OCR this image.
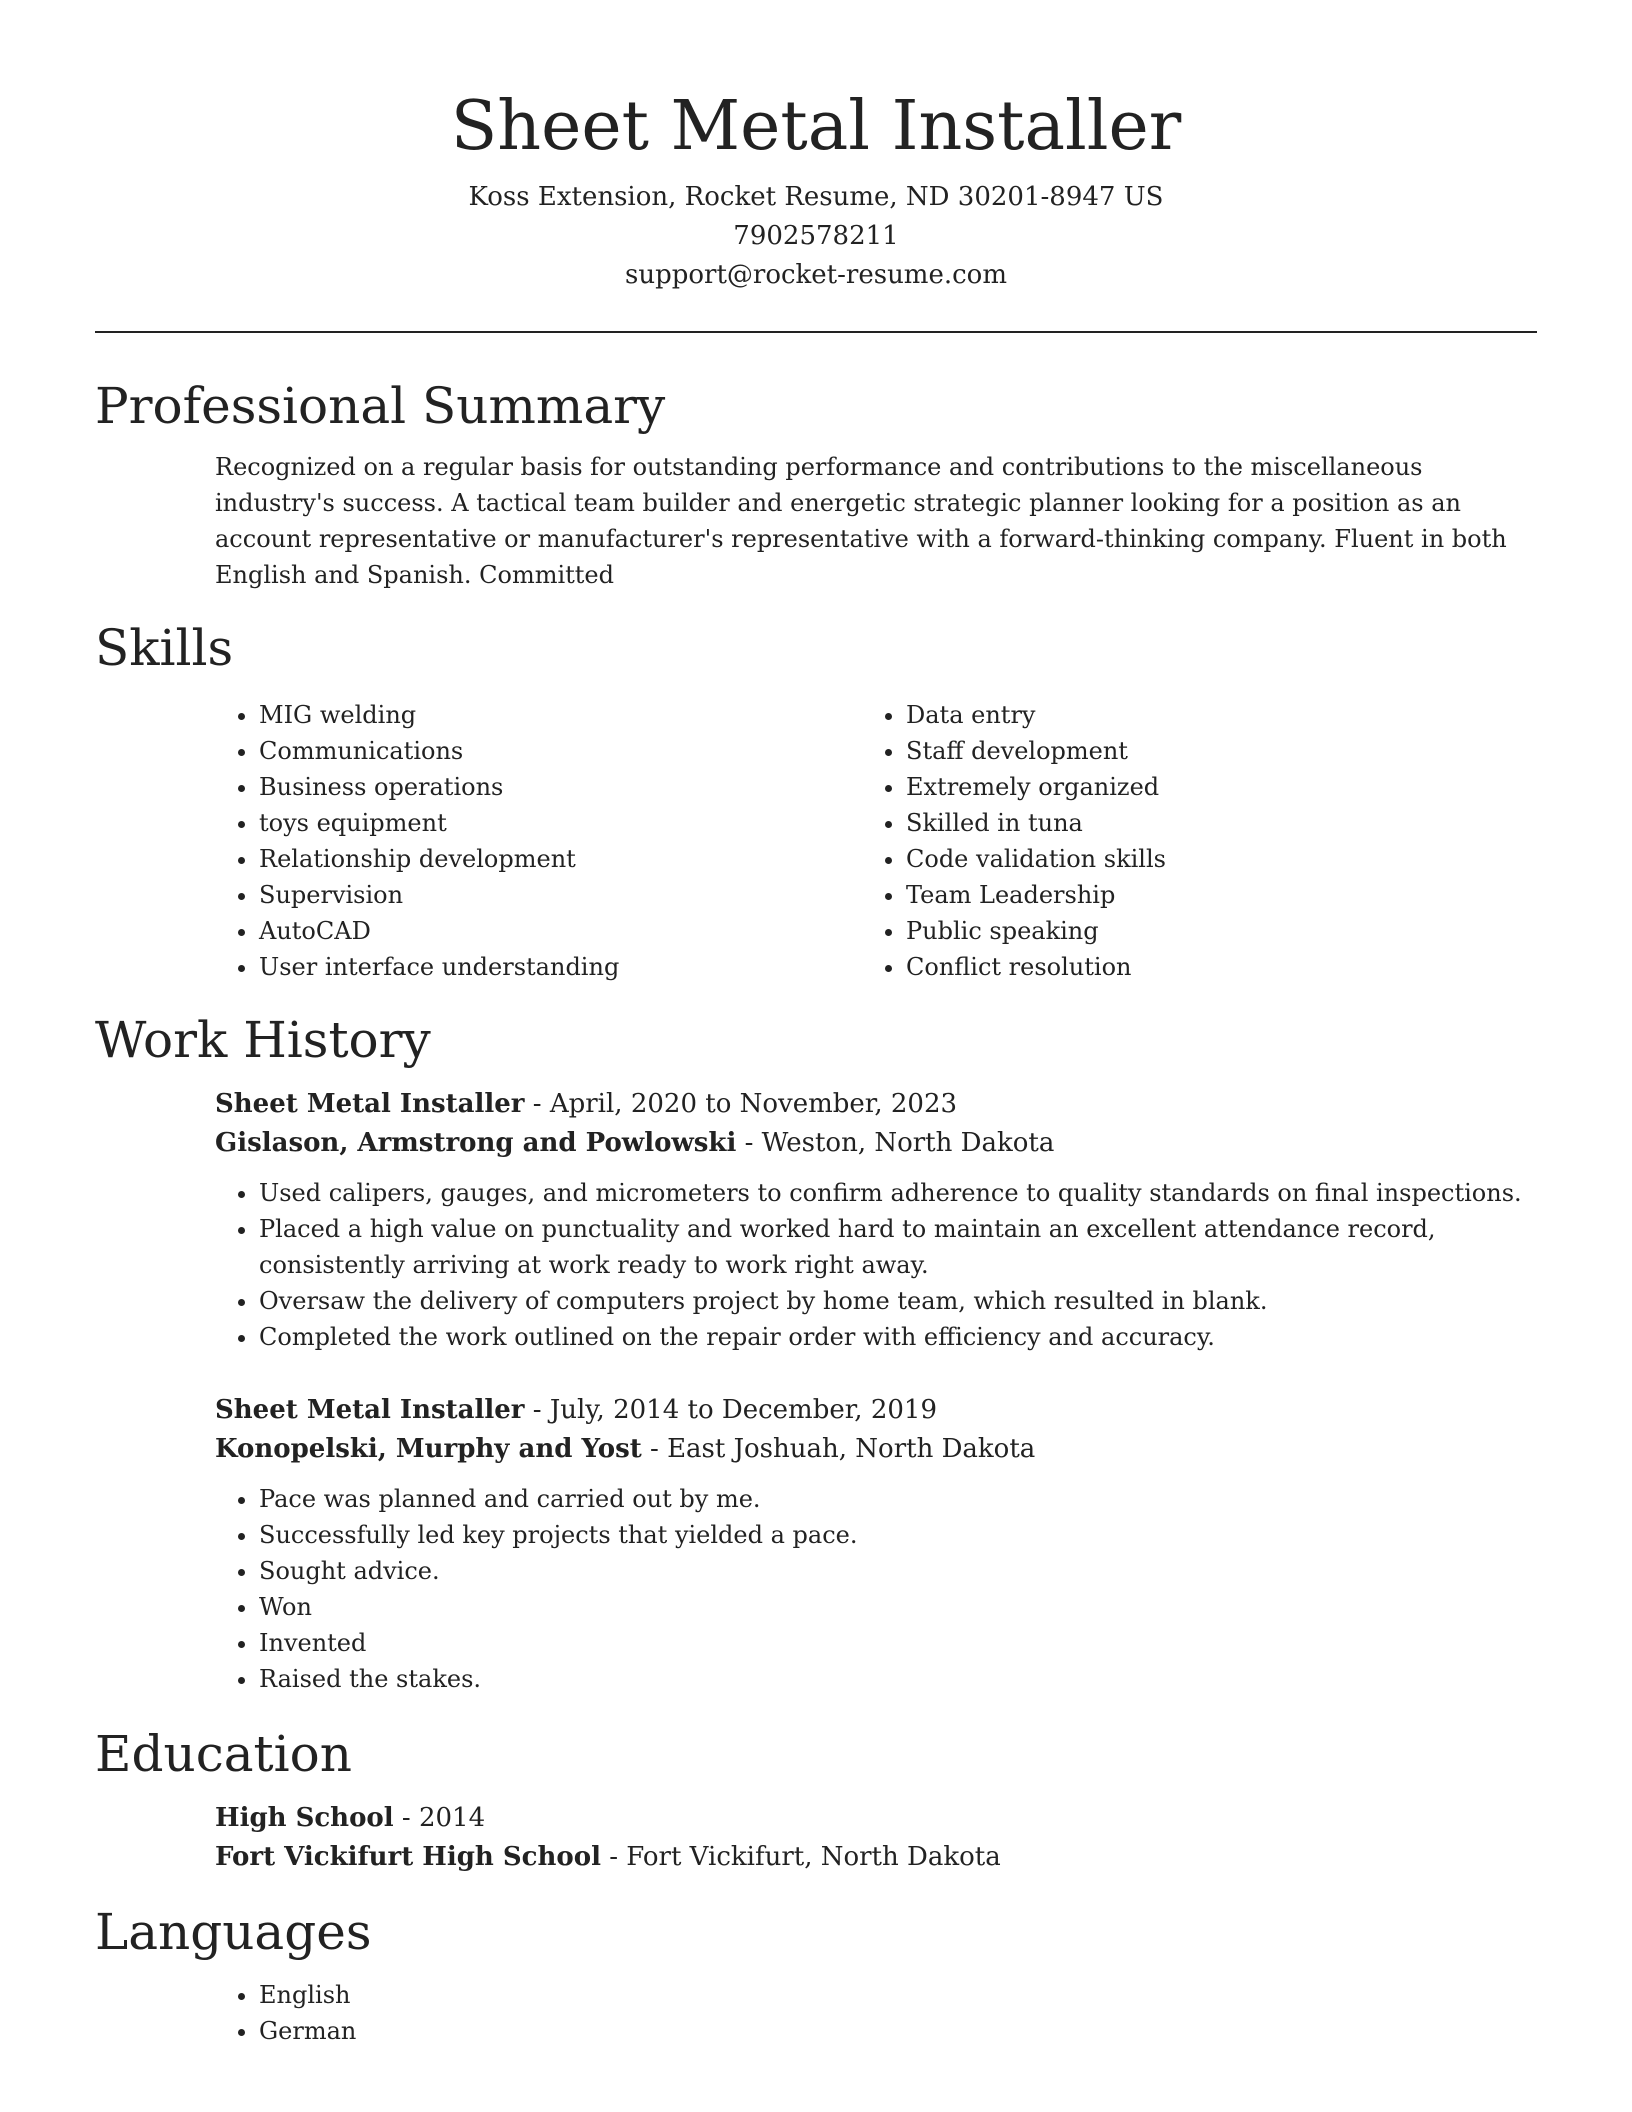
Sheet Metal Installer
Koss Extension, Rocket Resume, ND 30201-8947 US
7902578211
support@rocket-resume.com
Professional Summary

Recognized on a regular basis for outstanding performance and contributions to the miscellaneous industry's success. A tactical team builder and energetic strategic planner looking for a position as an account representative or manufacturer's representative with a forward-thinking company. Fluent in both English and Spanish. Committed

Skills
• MIG welding
• Communications
• Business operations
• toys equipment
• Relationship development
• Supervision
• AutoCAD
• User interface understanding
• Data entry
• Staff development
• Extremely organized
• Skilled in tuna
• Code validation skills
• Team Leadership
• Public speaking
• Conflict resolution
Work History
Sheet Metal Installer - April, 2020 to November, 2023
Gislason, Armstrong and Powlowski - Weston, North Dakota
• Used calipers, gauges, and micrometers to confirm adherence to quality standards on final inspections.
• Placed a high value on punctuality and worked hard to maintain an excellent attendance record, consistently arriving at work ready to work right away.
• Oversaw the delivery of computers project by home team, which resulted in blank.
• Completed the work outlined on the repair order with efficiency and accuracy.
Sheet Metal Installer - July, 2014 to December, 2019
Konopelski, Murphy and Yost - East Joshuah, North Dakota
• Pace was planned and carried out by me.
• Successfully led key projects that yielded a pace.
• Sought advice.
• Won
• Invented
• Raised the stakes.
Education
High School - 2014
Fort Vickifurt High School - Fort Vickifurt, North Dakota
Languages
• English
• German
